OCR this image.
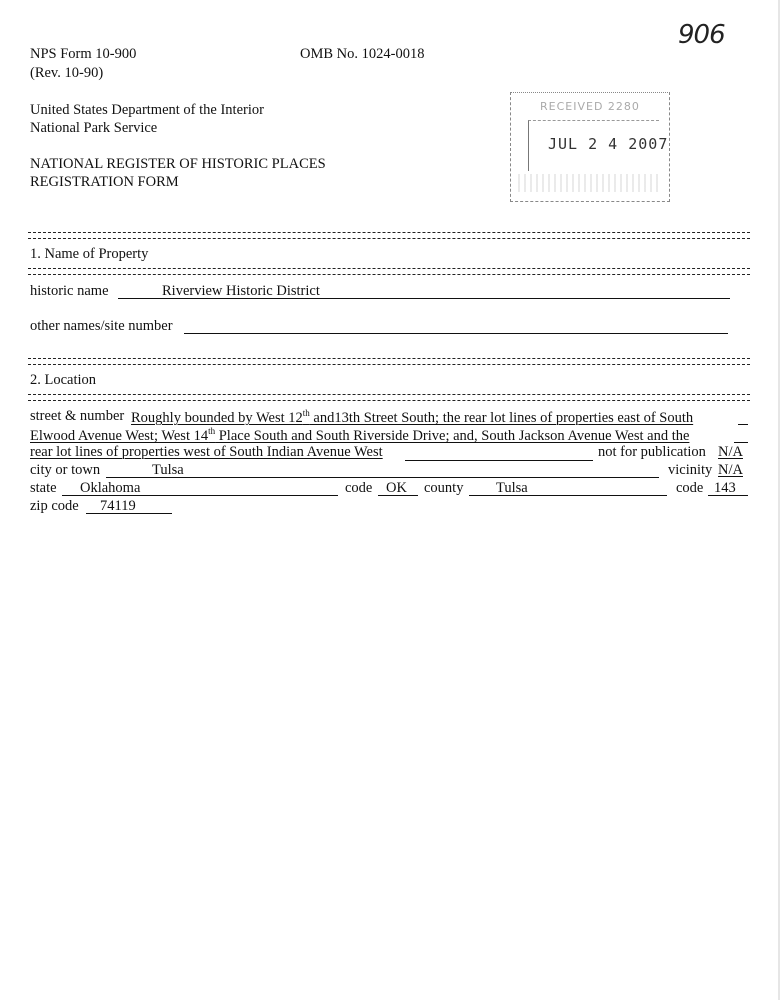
NPS Form 10-900
(Rev. 10-90)
OMB No. 1024-0018
906
United States Department of the Interior
National Park Service
NATIONAL REGISTER OF HISTORIC PLACES
REGISTRATION FORM
RECEIVED 2280
JUL 2 4 2007
1. Name of Property
historic name	Riverview Historic District
other names/site number
2. Location
street & number Roughly bounded by West 12th and13th Street South; the rear lot lines of properties east of South
Elwood Avenue West; West 14th Place South and South Riverside Drive; and, South Jackson Avenue West and the
rear lot lines of properties west of South Indian Avenue West	not for publication N/A
city or town	Tulsa	vicinity N/A
state Oklahoma	code OK county Tulsa	code 143
zip code 74119
